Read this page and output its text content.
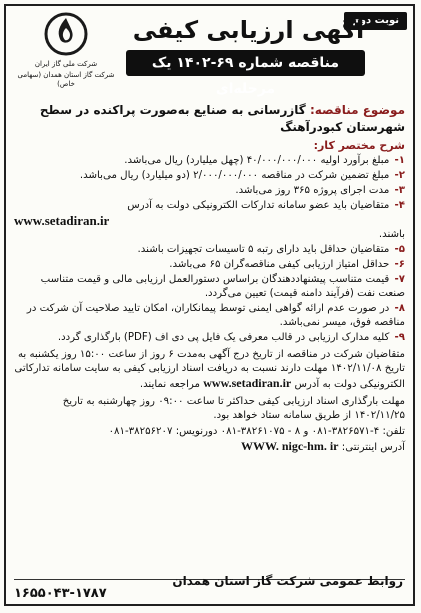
نوبت دوم
آگهی ارزیابی کیفی
مناقصه شماره ۶۹-۱۴۰۲ یک مرحله‌ای
شرکت ملی گاز ایران
شرکت گاز استان همدان (سهامی خاص)

موضوع مناقصه: گازرسانی به صنایع به‌صورت پراکنده در سطح شهرستان کبودرآهنگ

شرح مختصر کار:
۱- مبلغ برآورد اولیه ۴۰/۰۰۰/۰۰۰/۰۰۰ (چهل میلیارد) ریال می‌باشد.
۲- مبلغ تضمین شرکت در مناقصه ۲/۰۰۰/۰۰۰/۰۰۰ (دو میلیارد) ریال می‌باشد.
۳- مدت اجرای پروژه ۳۶۵ روز می‌باشد.
۴- متقاضیان باید عضو سامانه تدارکات الکترونیکی دولت به آدرس
www.setadiran.ir
باشند.
۵- متقاضیان حداقل باید دارای رتبه ۵ تاسیسات تجهیزات باشند.
۶- حداقل امتیاز ارزیابی کیفی مناقصه‌گران ۶۵ می‌باشد.
۷- قیمت متناسب پیشنهاددهندگان براساس دستورالعمل ارزیابی مالی و قیمت متناسب صنعت نفت (فرآیند دامنه قیمت) تعیین می‌گردد.
۸- در صورت عدم ارائه گواهی ایمنی توسط پیمانکاران، امکان تایید صلاحیت آن شرکت در مناقصه فوق، میسر نمی‌باشد.
۹- کلیه مدارک ارزیابی در قالب معرفی یک فایل پی دی اف (PDF) بارگذاری گردد.

متقاضیان شرکت در مناقصه از تاریخ درج آگهی به‌مدت ۶ روز از ساعت ۱۵:۰۰ روز یکشنبه به تاریخ ۱۴۰۲/۱۱/۰۸ مهلت دارند نسبت به دریافت اسناد ارزیابی کیفی به سایت سامانه تدارکاتی الکترونیکی دولت به آدرس www.setadiran.ir مراجعه نمایند.

مهلت بارگذاری اسناد ارزیابی کیفی حداکثر تا ساعت ۰۹:۰۰ روز چهارشنبه به تاریخ ۱۴۰۲/۱۱/۲۵ از طریق سامانه ستاد خواهد بود.

تلفن: ۴-۳۸۲۶۵۷۱-۰۸۱ و ۸ - ۳۸۲۶۱۰۷۵-۰۸۱ دورنویس: ۳۸۲۵۶۲۰۷-۰۸۱

آدرس اینترنتی: WWW. nigc-hm. ir

روابط عمومی شرکت گاز استان همدان
۱۶۵۵۰۴۳-۱۷۸۷
